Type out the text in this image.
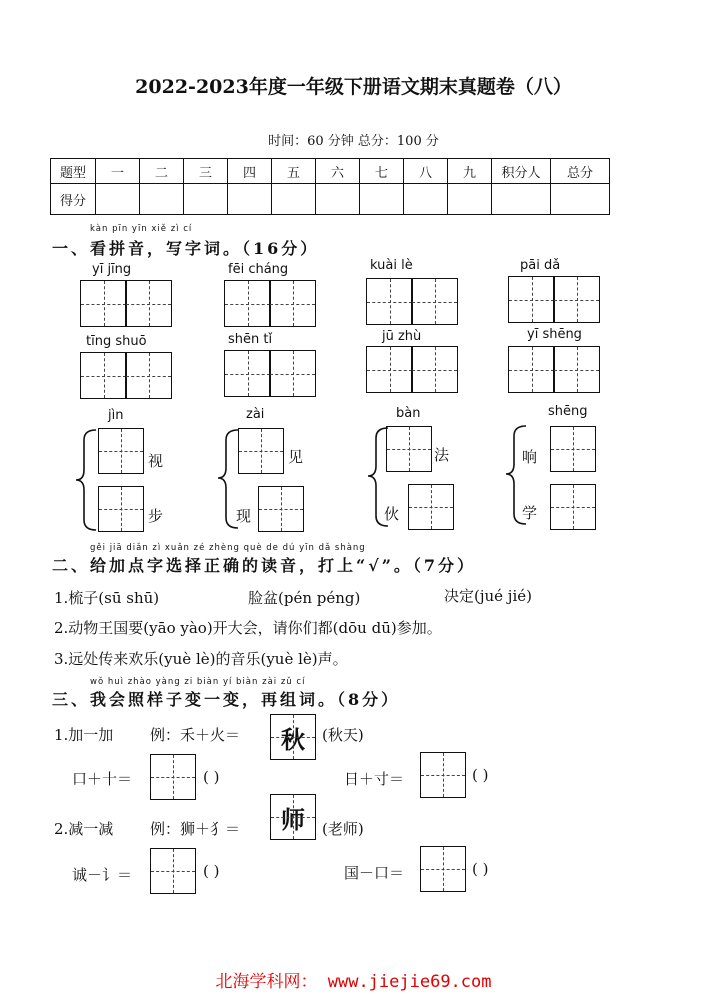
2022-2023年度一年级下册语文期末真题卷（八）
时间：60 分钟 总分：100 分
题型	一	二	三	四	五	六	七	八	九	积分人	总分
得分											
kàn pīn yīn xiě zì cí
一、看拼音，写字词。（16分）
yī jīng	fēi cháng	kuài lè	pāi dǎ
tīng shuō	shēn tǐ	jū zhù	yī shēng
jìn	zài	bàn	shēng
视
步
见
现
法
伙
响
学
gěi jiā diǎn zì xuǎn zé zhèng què de dú yīn dǎ shàng
二、给加点字选择正确的读音，打上“√”。（7分）
1.梳子(sū shū)	脸盆(pén péng)	决定(jué jié)
2.动物王国要(yāo yào)开大会，请你们都(dōu dū)参加。
3.远处传来欢乐(yuè lè)的音乐(yuè lè)声。
wǒ huì zhào yàng zi biàn yí biàn zài zǔ cí
三、我会照样子变一变，再组词。（8分）
1.加一加 例：禾＋火＝ 秋 (秋天)
口＋十＝	( )	日＋寸＝	( )
2.减一减 例：狮＋犭＝ 师 (老师)
诚－讠＝	( )	国－口＝	( )
北海学科网： www.jiejie69.com
